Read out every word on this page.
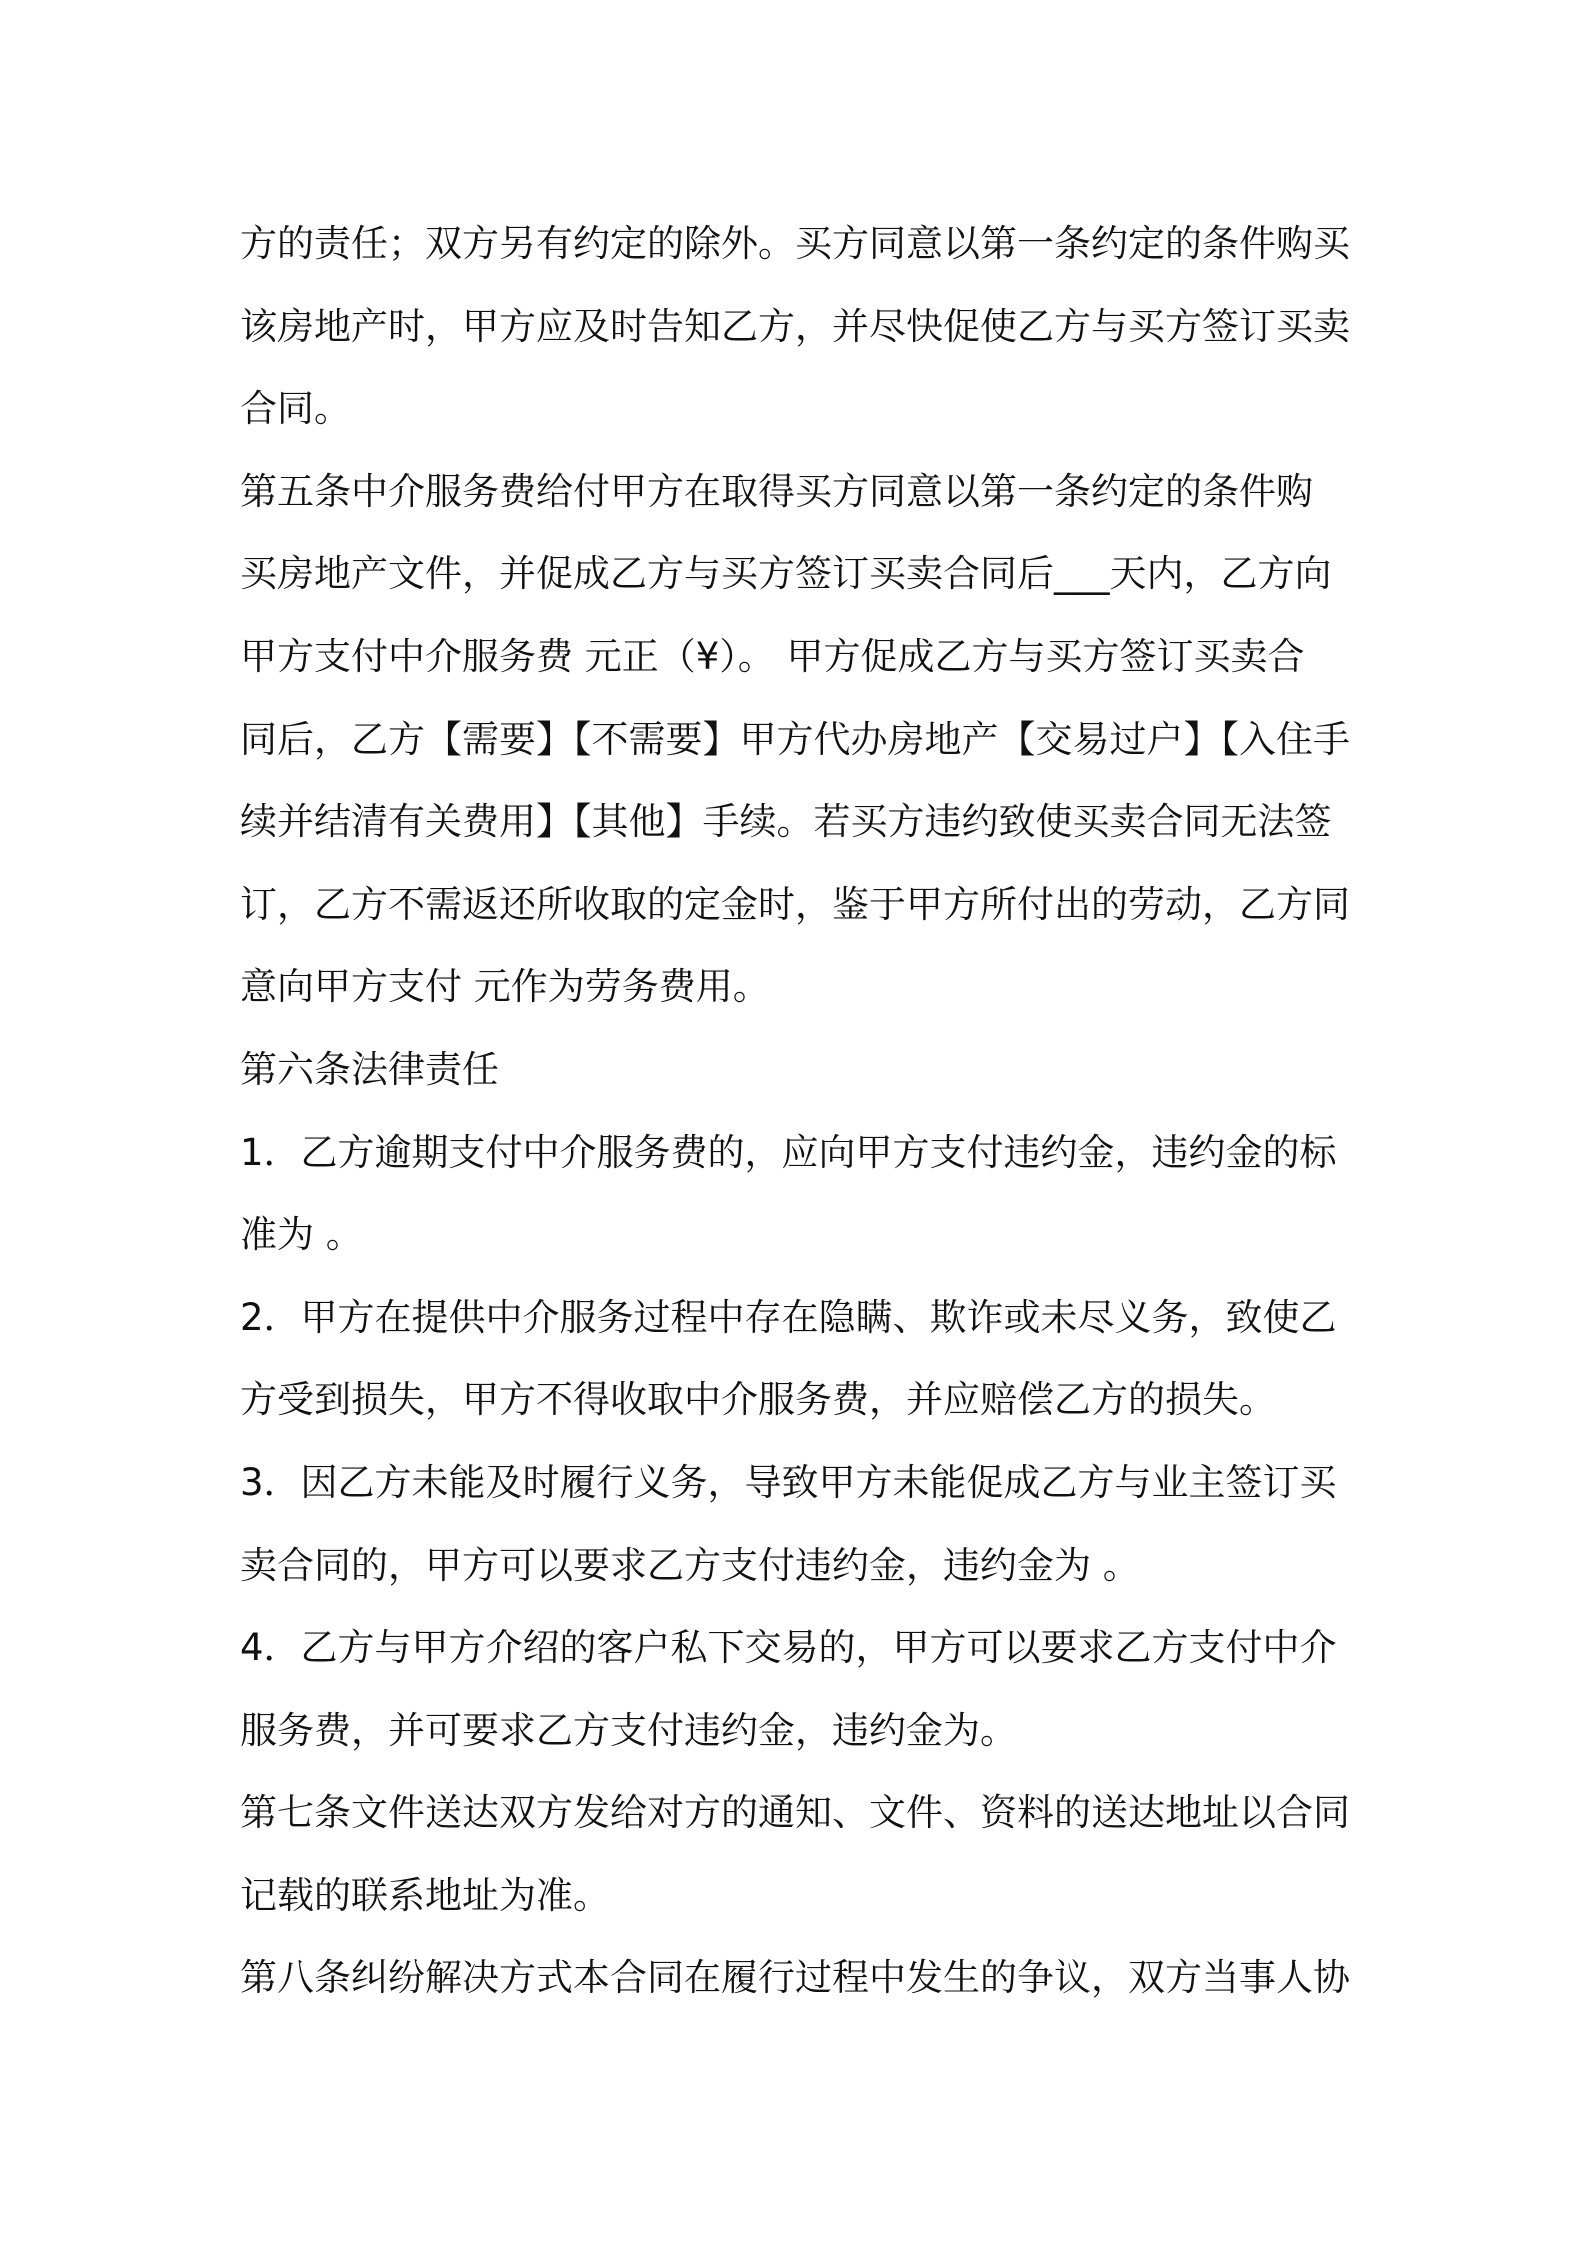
方的责任；双方另有约定的除外。买方同意以第一条约定的条件购买
该房地产时，甲方应及时告知乙方，并尽快促使乙方与买方签订买卖
合同。
第五条中介服务费给付甲方在取得买方同意以第一条约定的条件购
买房地产文件，并促成乙方与买方签订买卖合同后___天内，乙方向
甲方支付中介服务费 元正（¥）。 甲方促成乙方与买方签订买卖合
同后，乙方【需要】【不需要】甲方代办房地产【交易过户】【入住手
续并结清有关费用】【其他】手续。若买方违约致使买卖合同无法签
订，乙方不需返还所收取的定金时，鉴于甲方所付出的劳动，乙方同
意向甲方支付 元作为劳务费用。
第六条法律责任
1．乙方逾期支付中介服务费的，应向甲方支付违约金，违约金的标
准为 。
2．甲方在提供中介服务过程中存在隐瞒、欺诈或未尽义务，致使乙
方受到损失，甲方不得收取中介服务费，并应赔偿乙方的损失。
3．因乙方未能及时履行义务，导致甲方未能促成乙方与业主签订买
卖合同的，甲方可以要求乙方支付违约金，违约金为 。
4．乙方与甲方介绍的客户私下交易的，甲方可以要求乙方支付中介
服务费，并可要求乙方支付违约金，违约金为。
第七条文件送达双方发给对方的通知、文件、资料的送达地址以合同
记载的联系地址为准。
第八条纠纷解决方式本合同在履行过程中发生的争议，双方当事人协
